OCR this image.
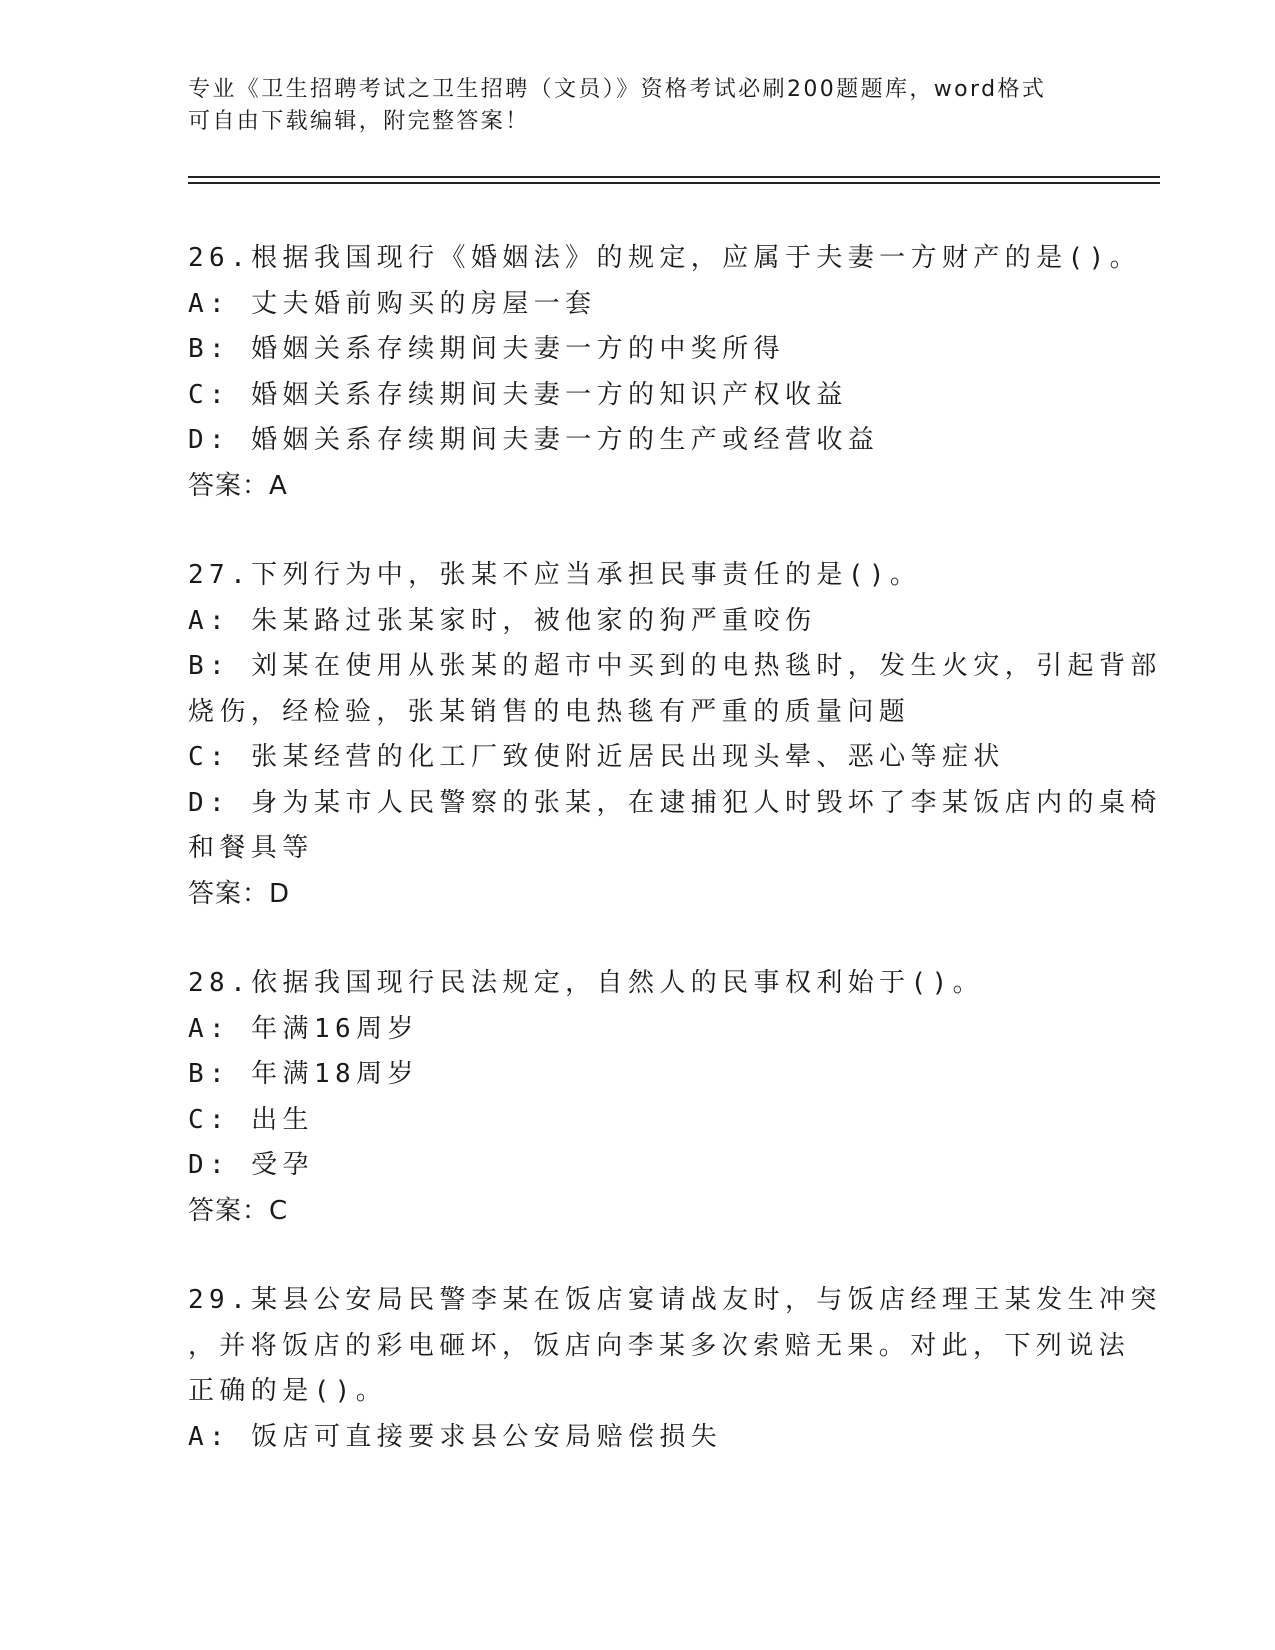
专业《卫生招聘考试之卫生招聘（文员）》资格考试必刷200题题库，word格式
可自由下载编辑，附完整答案！
26.根据我国现行《婚姻法》的规定，应属于夫妻一方财产的是()。
A: 丈夫婚前购买的房屋一套
B: 婚姻关系存续期间夫妻一方的中奖所得
C: 婚姻关系存续期间夫妻一方的知识产权收益
D: 婚姻关系存续期间夫妻一方的生产或经营收益
答案：A
27.下列行为中，张某不应当承担民事责任的是()。
A: 朱某路过张某家时，被他家的狗严重咬伤
B: 刘某在使用从张某的超市中买到的电热毯时，发生火灾，引起背部
烧伤，经检验，张某销售的电热毯有严重的质量问题
C: 张某经营的化工厂致使附近居民出现头晕、恶心等症状
D: 身为某市人民警察的张某，在逮捕犯人时毁坏了李某饭店内的桌椅
和餐具等
答案：D
28.依据我国现行民法规定，自然人的民事权利始于()。
A: 年满16周岁
B: 年满18周岁
C: 出生
D: 受孕
答案：C
29.某县公安局民警李某在饭店宴请战友时，与饭店经理王某发生冲突
，并将饭店的彩电砸坏，饭店向李某多次索赔无果。对此，下列说法
正确的是()。
A: 饭店可直接要求县公安局赔偿损失
